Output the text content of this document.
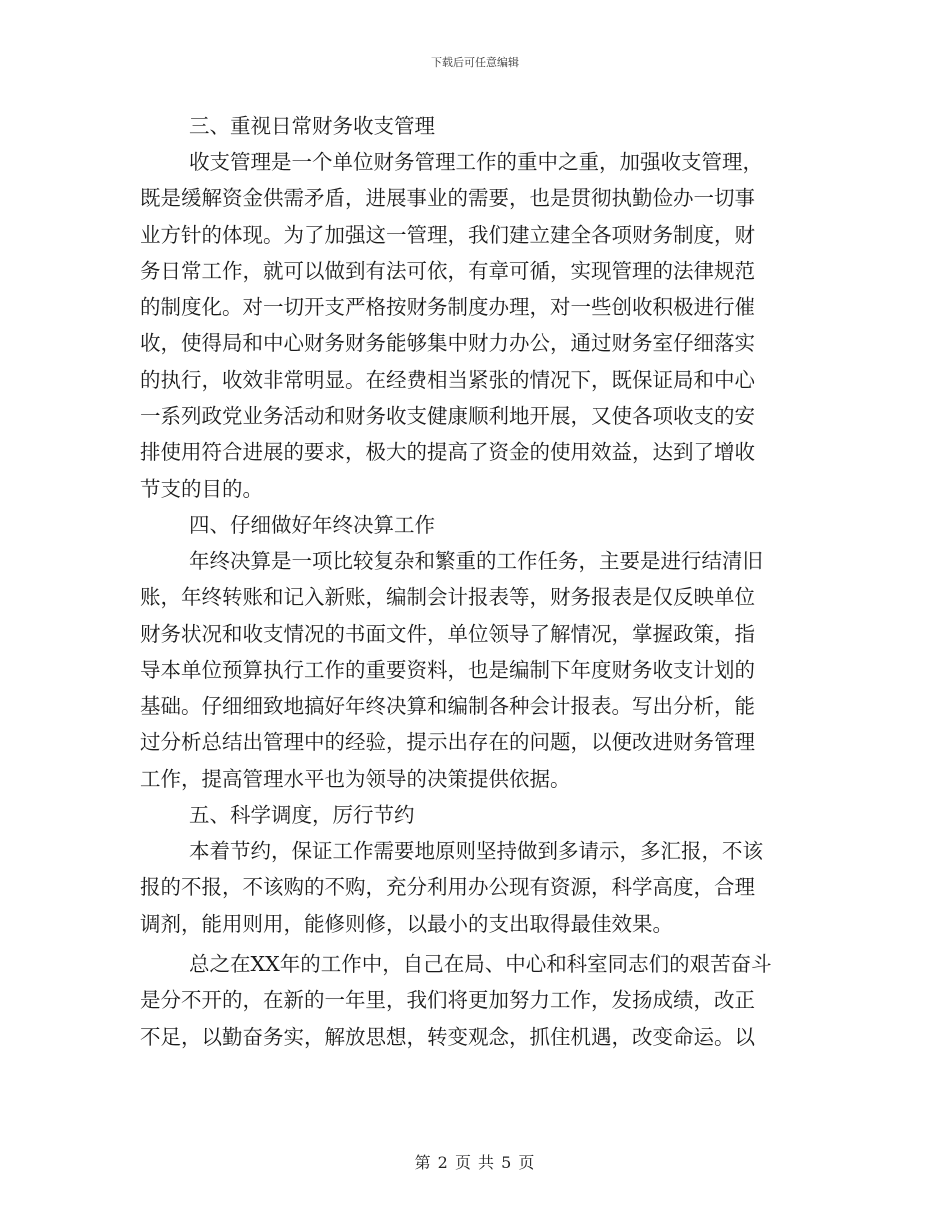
下载后可任意编辑

三、重视日常财务收支管理

收支管理是一个单位财务管理工作的重中之重，加强收支管理，
既是缓解资金供需矛盾，进展事业的需要，也是贯彻执勤俭办一切事
业方针的体现。为了加强这一管理，我们建立建全各项财务制度，财
务日常工作，就可以做到有法可依，有章可循，实现管理的法律规范
的制度化。对一切开支严格按财务制度办理，对一些创收积极进行催
收，使得局和中心财务财务能够集中财力办公，通过财务室仔细落实
的执行，收效非常明显。在经费相当紧张的情况下，既保证局和中心
一系列政党业务活动和财务收支健康顺利地开展，又使各项收支的安
排使用符合进展的要求，极大的提高了资金的使用效益，达到了增收
节支的目的。

四、仔细做好年终决算工作

年终决算是一项比较复杂和繁重的工作任务，主要是进行结清旧
账，年终转账和记入新账，编制会计报表等，财务报表是仅反映单位
财务状况和收支情况的书面文件，单位领导了解情况，掌握政策，指
导本单位预算执行工作的重要资料，也是编制下年度财务收支计划的
基础。仔细细致地搞好年终决算和编制各种会计报表。写出分析，能
过分析总结出管理中的经验，提示出存在的问题，以便改进财务管理
工作，提高管理水平也为领导的决策提供依据。

五、科学调度，厉行节约

本着节约，保证工作需要地原则坚持做到多请示，多汇报，不该
报的不报，不该购的不购，充分利用办公现有资源，科学高度，合理
调剂，能用则用，能修则修，以最小的支出取得最佳效果。
总之在XX年的工作中，自己在局、中心和科室同志们的艰苦奋斗
是分不开的，在新的一年里，我们将更加努力工作，发扬成绩，改正
不足，以勤奋务实，解放思想，转变观念，抓住机遇，改变命运。以
第 2 页 共 5 页
